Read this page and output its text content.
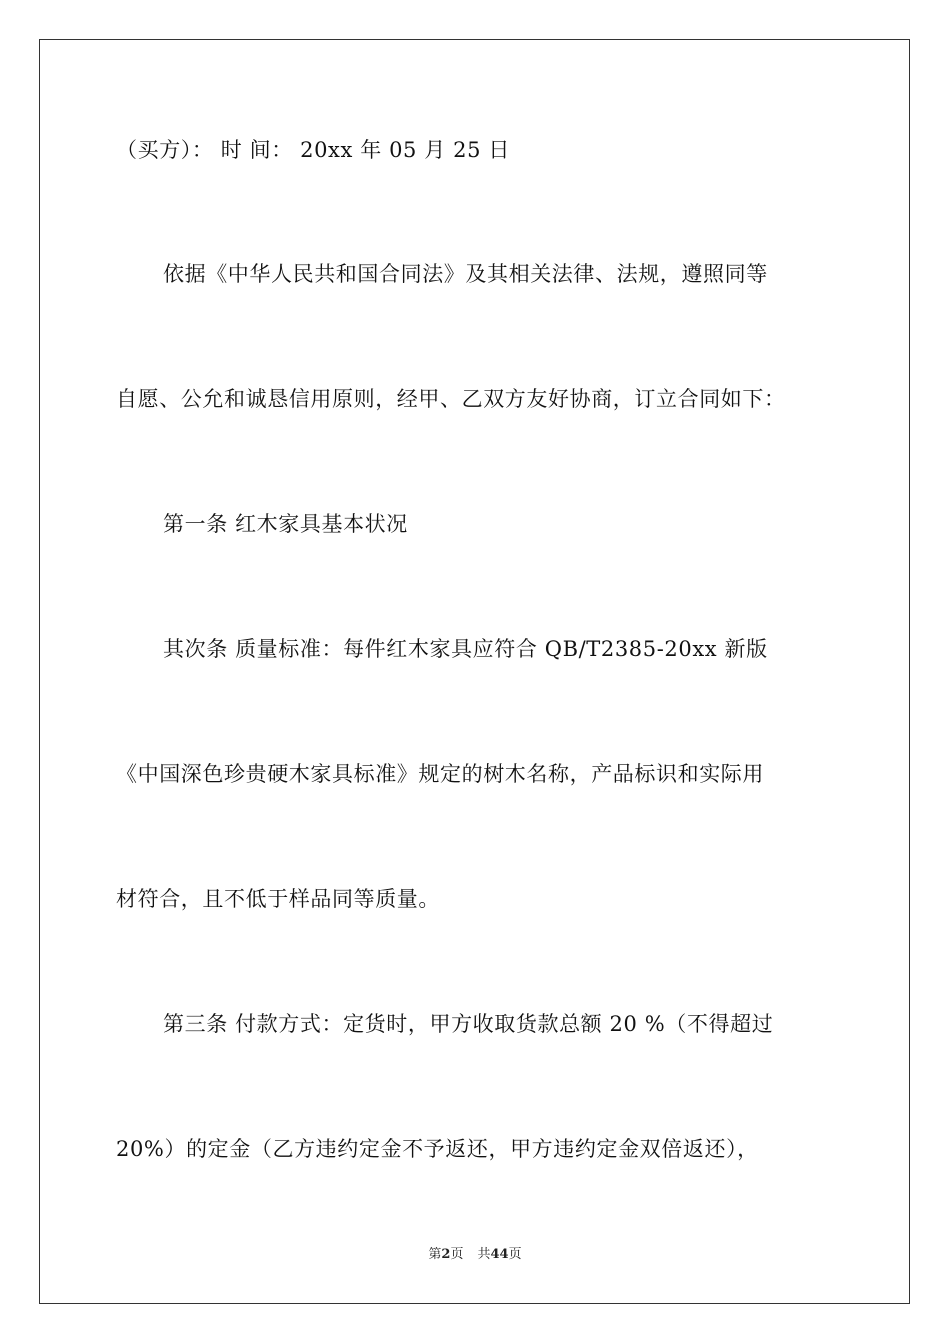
（买方）： 时 间： 20xx 年 05 月 25 日
依据《中华人民共和国合同法》及其相关法律、法规，遵照同等
自愿、公允和诚恳信用原则，经甲、乙双方友好协商，订立合同如下：
第一条 红木家具基本状况
其次条 质量标准：每件红木家具应符合 QB/T2385-20xx 新版
《中国深色珍贵硬木家具标准》规定的树木名称，产品标识和实际用
材符合，且不低于样品同等质量。
第三条 付款方式：定货时，甲方收取货款总额 20 %（不得超过
20%）的定金（乙方违约定金不予返还，甲方违约定金双倍返还），
第2页 共44页
